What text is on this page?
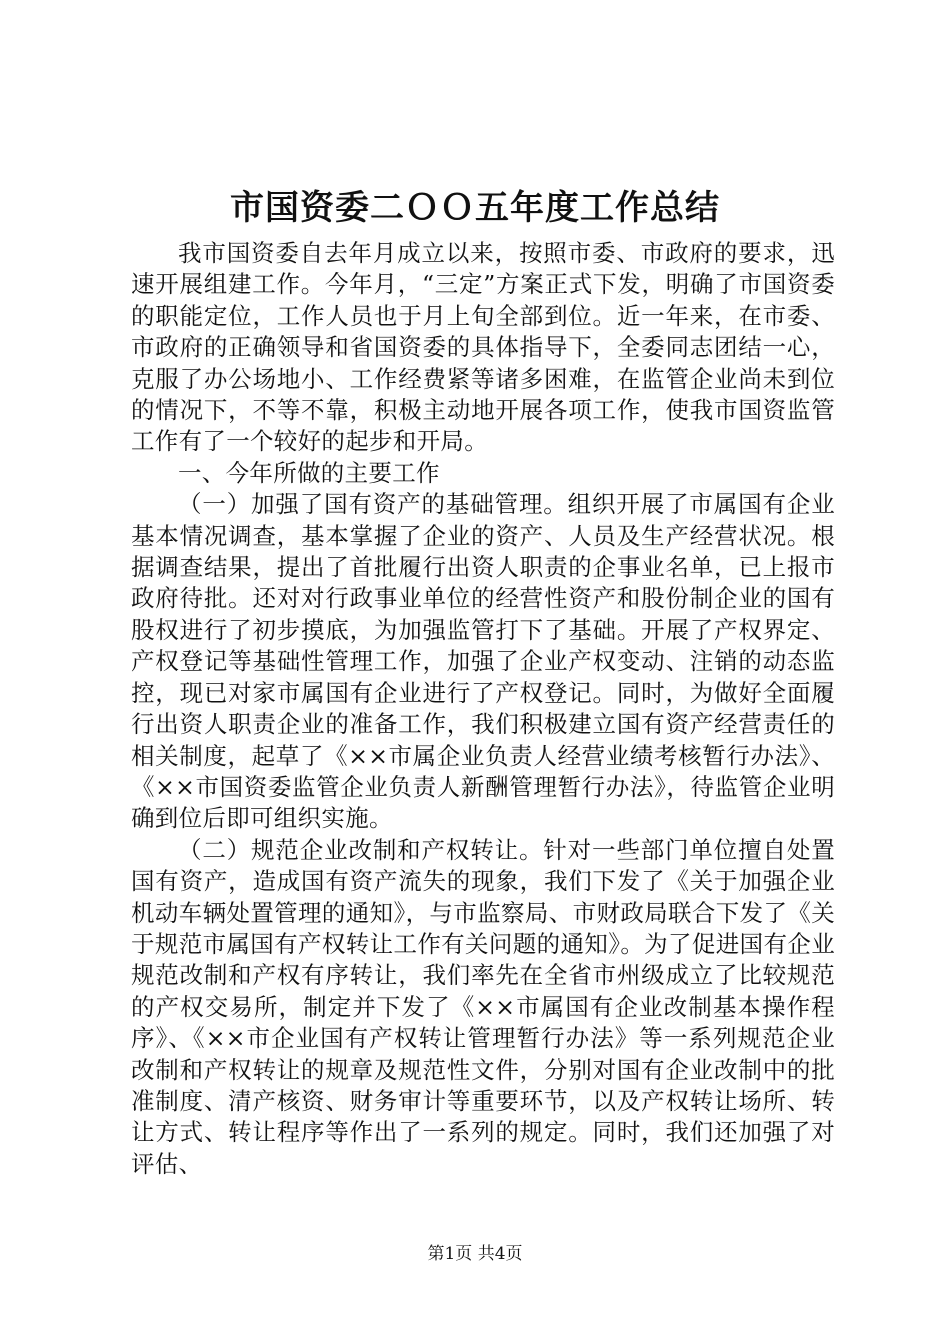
市国资委二ＯＯ五年度工作总结

我市国资委自去年月成立以来，按照市委、市政府的要求，迅速开展组建工作。今年月，“三定”方案正式下发，明确了市国资委的职能定位，工作人员也于月上旬全部到位。近一年来，在市委、市政府的正确领导和省国资委的具体指导下，全委同志团结一心，克服了办公场地小、工作经费紧等诸多困难，在监管企业尚未到位的情况下，不等不靠，积极主动地开展各项工作，使我市国资监管工作有了一个较好的起步和开局。

一、今年所做的主要工作

（一）加强了国有资产的基础管理。组织开展了市属国有企业基本情况调查，基本掌握了企业的资产、人员及生产经营状况。根据调查结果，提出了首批履行出资人职责的企事业名单，已上报市政府待批。还对对行政事业单位的经营性资产和股份制企业的国有股权进行了初步摸底，为加强监管打下了基础。开展了产权界定、产权登记等基础性管理工作，加强了企业产权变动、注销的动态监控，现已对家市属国有企业进行了产权登记。同时，为做好全面履行出资人职责企业的准备工作，我们积极建立国有资产经营责任的相关制度，起草了《××市属企业负责人经营业绩考核暂行办法》、《××市国资委监管企业负责人新酬管理暂行办法》，待监管企业明确到位后即可组织实施。

（二）规范企业改制和产权转让。针对一些部门单位擅自处置国有资产，造成国有资产流失的现象，我们下发了《关于加强企业机动车辆处置管理的通知》，与市监察局、市财政局联合下发了《关于规范市属国有产权转让工作有关问题的通知》。为了促进国有企业规范改制和产权有序转让，我们率先在全省市州级成立了比较规范的产权交易所，制定并下发了《××市属国有企业改制基本操作程序》、《××市企业国有产权转让管理暂行办法》等一系列规范企业改制和产权转让的规章及规范性文件，分别对国有企业改制中的批准制度、清产核资、财务审计等重要环节，以及产权转让场所、转让方式、转让程序等作出了一系列的规定。同时，我们还加强了对评估、

第1页 共4页
